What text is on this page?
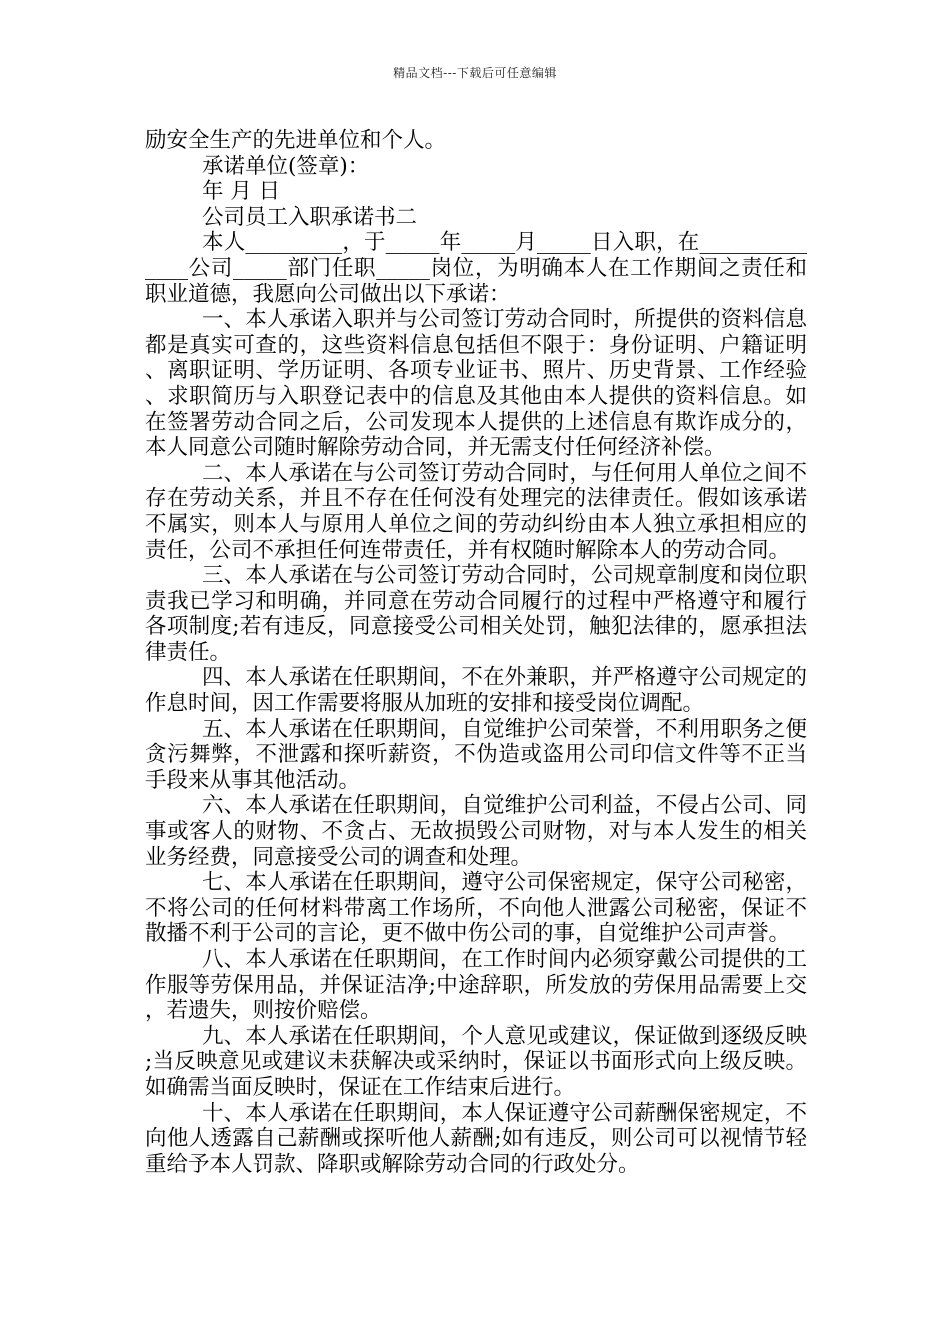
精品文档---下载后可任意编辑

励安全生产的先进单位和个人。

承诺单位(签章)：

年 月 日

公司员工入职承诺书二

本人_________，于_____年_____月_____日入职，在______________公司_____部门任职_____岗位，为明确本人在工作期间之责任和职业道德，我愿向公司做出以下承诺：

一、本人承诺入职并与公司签订劳动合同时，所提供的资料信息都是真实可查的，这些资料信息包括但不限于：身份证明、户籍证明、离职证明、学历证明、各项专业证书、照片、历史背景、工作经验、求职简历与入职登记表中的信息及其他由本人提供的资料信息。如在签署劳动合同之后，公司发现本人提供的上述信息有欺诈成分的，本人同意公司随时解除劳动合同，并无需支付任何经济补偿。

二、本人承诺在与公司签订劳动合同时，与任何用人单位之间不存在劳动关系，并且不存在任何没有处理完的法律责任。假如该承诺不属实，则本人与原用人单位之间的劳动纠纷由本人独立承担相应的责任，公司不承担任何连带责任，并有权随时解除本人的劳动合同。

三、本人承诺在与公司签订劳动合同时，公司规章制度和岗位职责我已学习和明确，并同意在劳动合同履行的过程中严格遵守和履行各项制度;若有违反，同意接受公司相关处罚，触犯法律的，愿承担法律责任。

四、本人承诺在任职期间，不在外兼职，并严格遵守公司规定的作息时间，因工作需要将服从加班的安排和接受岗位调配。

五、本人承诺在任职期间，自觉维护公司荣誉，不利用职务之便贪污舞弊，不泄露和探听薪资，不伪造或盗用公司印信文件等不正当手段来从事其他活动。

六、本人承诺在任职期间，自觉维护公司利益，不侵占公司、同事或客人的财物、不贪占、无故损毁公司财物，对与本人发生的相关业务经费，同意接受公司的调查和处理。

七、本人承诺在任职期间，遵守公司保密规定，保守公司秘密，不将公司的任何材料带离工作场所，不向他人泄露公司秘密，保证不散播不利于公司的言论，更不做中伤公司的事，自觉维护公司声誉。

八、本人承诺在任职期间，在工作时间内必须穿戴公司提供的工作服等劳保用品，并保证洁净;中途辞职，所发放的劳保用品需要上交，若遗失，则按价赔偿。

九、本人承诺在任职期间，个人意见或建议，保证做到逐级反映;当反映意见或建议未获解决或采纳时，保证以书面形式向上级反映。如确需当面反映时，保证在工作结束后进行。

十、本人承诺在任职期间，本人保证遵守公司薪酬保密规定，不向他人透露自己薪酬或探听他人薪酬;如有违反，则公司可以视情节轻重给予本人罚款、降职或解除劳动合同的行政处分。
